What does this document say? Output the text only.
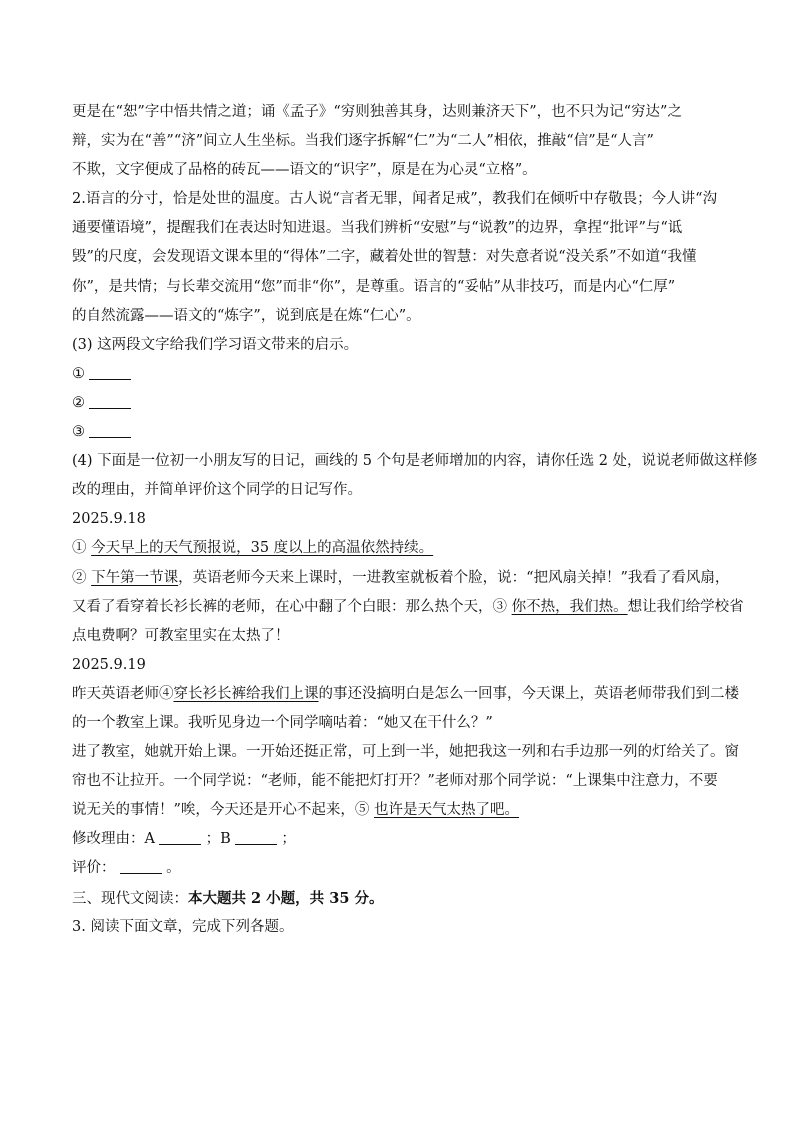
更是在“恕”字中悟共情之道；诵《孟子》“穷则独善其身，达则兼济天下”，也不只为记“穷达”之
辩，实为在“善”“济”间立人生坐标。当我们逐字拆解“仁”为“二人”相依，推敲“信”是“人言”
不欺，文字便成了品格的砖瓦——语文的“识字”，原是在为心灵“立格”。
2.语言的分寸，恰是处世的温度。古人说“言者无罪，闻者足戒”，教我们在倾听中存敬畏；今人讲“沟
通要懂语境”，提醒我们在表达时知进退。当我们辨析“安慰”与“说教”的边界，拿捏“批评”与“诋
毁”的尺度，会发现语文课本里的“得体”二字，藏着处世的智慧：对失意者说“没关系”不如道“我懂
你”，是共情；与长辈交流用“您”而非“你”，是尊重。语言的“妥帖”从非技巧，而是内心“仁厚”
的自然流露——语文的“炼字”，说到底是在炼“仁心”。
(3) 这两段文字给我们学习语文带来的启示。
①
②
③
(4) 下面是一位初一小朋友写的日记，画线的 5 个句是老师增加的内容，请你任选 2 处，说说老师做这样修
改的理由，并简单评价这个同学的日记写作。
2025.9.18
① 今天早上的天气预报说，35 度以上的高温依然持续。
② 下午第一节课，英语老师今天来上课时，一进教室就板着个脸，说：“把风扇关掉！”我看了看风扇，
又看了看穿着长衫长裤的老师，在心中翻了个白眼：那么热个天，③ 你不热，我们热。想让我们给学校省
点电费啊？可教室里实在太热了！
2025.9.19
昨天英语老师④穿长衫长裤给我们上课的事还没搞明白是怎么一回事，今天课上，英语老师带我们到二楼
的一个教室上课。我听见身边一个同学嘀咕着：“她又在干什么？”
进了教室，她就开始上课。一开始还挺正常，可上到一半，她把我这一列和右手边那一列的灯给关了。窗
帘也不让拉开。一个同学说：“老师，能不能把灯打开？”老师对那个同学说：“上课集中注意力，不要
说无关的事情！”唉，今天还是开心不起来，⑤ 也许是天气太热了吧。
修改理由：A	；B	；
评价：	。
三、现代文阅读：本大题共 2 小题，共 35 分。
3. 阅读下面文章，完成下列各题。
